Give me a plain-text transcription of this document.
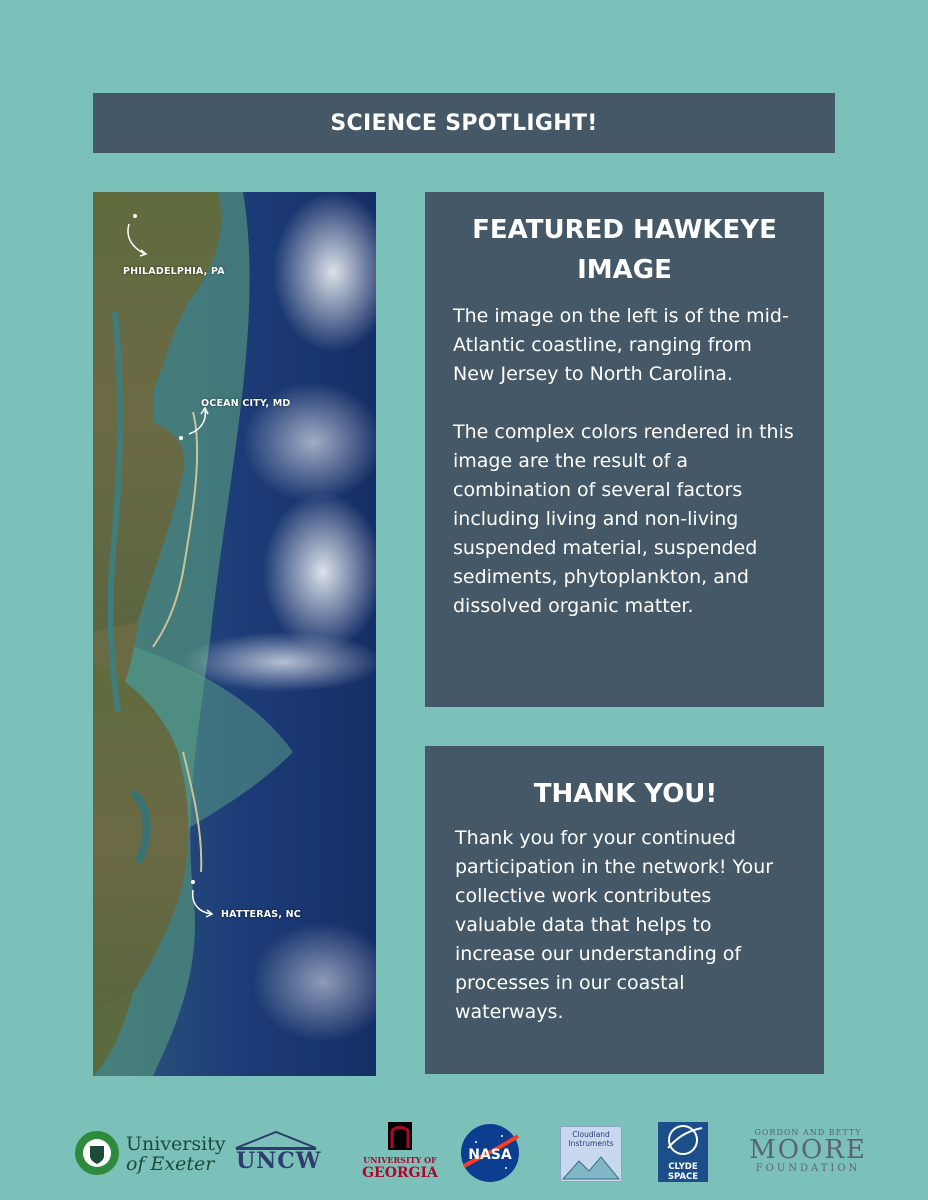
SCIENCE SPOTLIGHT!
PHILADELPHIA, PA
OCEAN CITY, MD
HATTERAS, NC
FEATURED HAWKEYE
IMAGE

The image on the left is of the mid-Atlantic coastline, ranging from New Jersey to North Carolina.

The complex colors rendered in this image are the result of a combination of several factors including living and non-living suspended material, suspended sediments, phytoplankton, and dissolved organic matter.

THANK YOU!

Thank you for your continued participation in the network! Your collective work contributes valuable data that helps to increase our understanding of processes in our coastal waterways.

University
of Exeter UNCW	UNIVERSITY OF
GEORGIA
NASA
Cloudland
Instruments
CLYDE
SPACE
GORDON AND BETTY
MOORE
FOUNDATION
